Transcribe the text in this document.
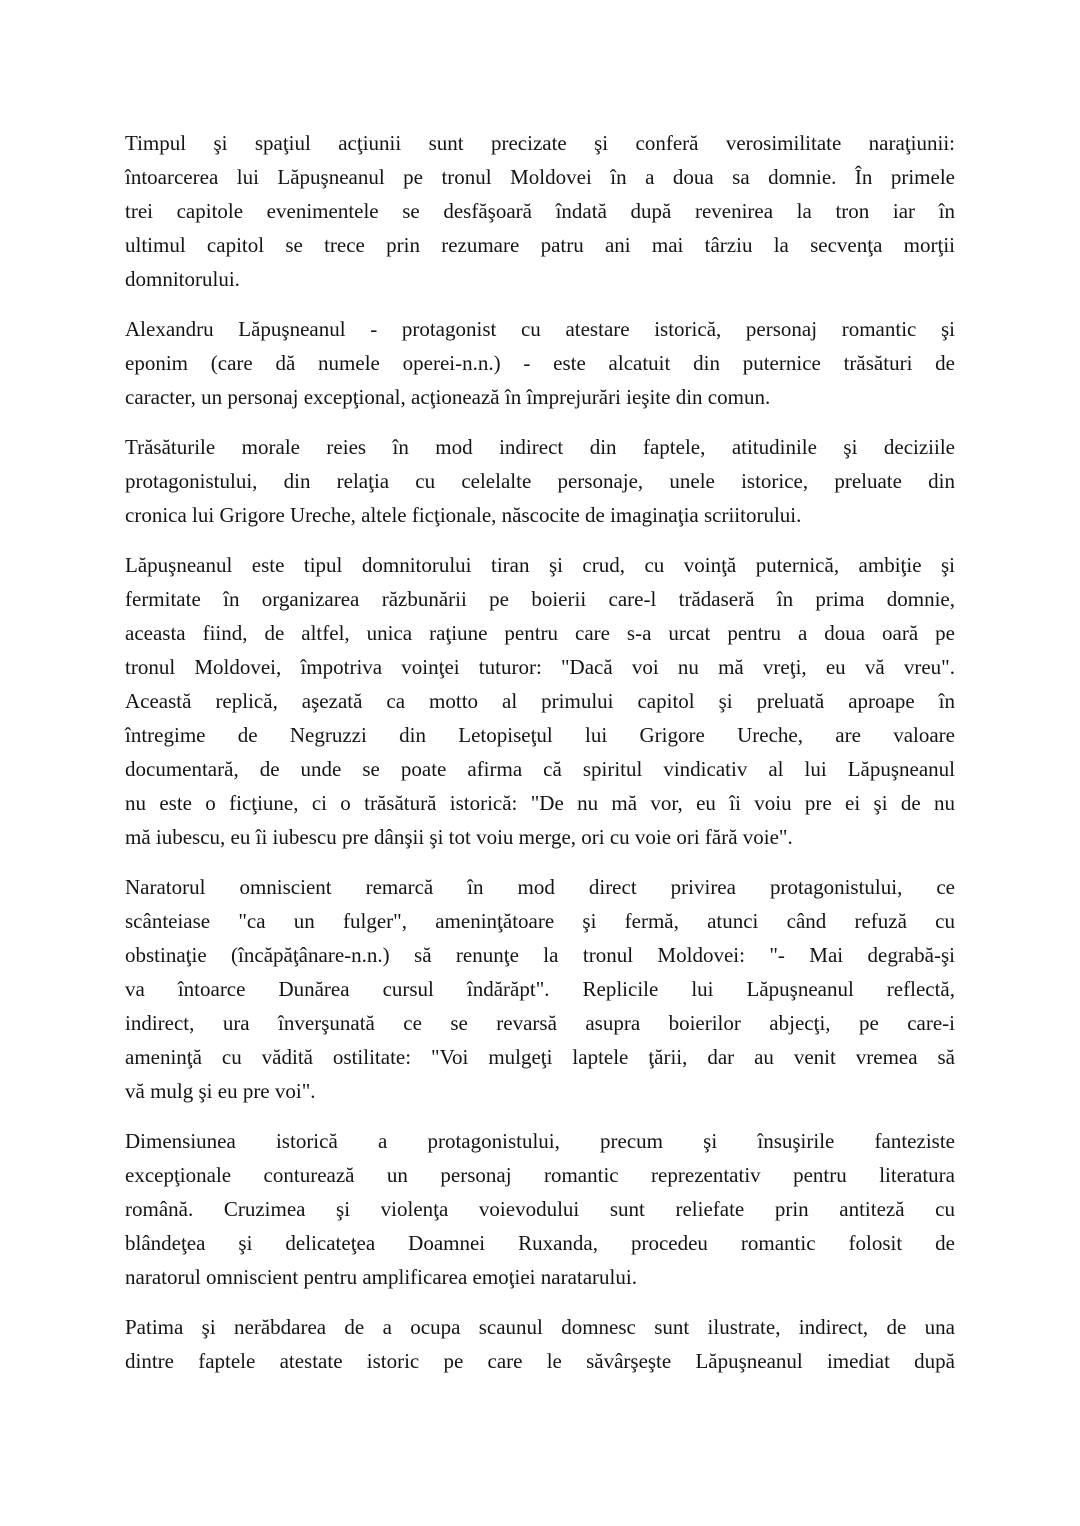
Timpul şi spaţiul acţiunii sunt precizate şi conferă verosimilitate naraţiunii:
întoarcerea lui Lăpuşneanul pe tronul Moldovei în a doua sa domnie. În primele
trei capitole evenimentele se desfăşoară îndată după revenirea la tron iar în
ultimul capitol se trece prin rezumare patru ani mai târziu la secvenţa morţii
domnitorului.

Alexandru Lăpuşneanul - protagonist cu atestare istorică, personaj romantic şi
eponim (care dă numele operei-n.n.) - este alcatuit din puternice trăsături de
caracter, un personaj excepţional, acţionează în împrejurări ieşite din comun.

Trăsăturile morale reies în mod indirect din faptele, atitudinile şi deciziile
protagonistului, din relaţia cu celelalte personaje, unele istorice, preluate din
cronica lui Grigore Ureche, altele ficţionale, născocite de imaginaţia scriitorului.

Lăpuşneanul este tipul domnitorului tiran şi crud, cu voinţă puternică, ambiţie şi
fermitate în organizarea răzbunării pe boierii care-l trădaseră în prima domnie,
aceasta fiind, de altfel, unica raţiune pentru care s-a urcat pentru a doua oară pe
tronul Moldovei, împotriva voinţei tuturor: "Dacă voi nu mă vreţi, eu vă vreu".
Această replică, aşezată ca motto al primului capitol şi preluată aproape în
întregime de Negruzzi din Letopiseţul lui Grigore Ureche, are valoare
documentară, de unde se poate afirma că spiritul vindicativ al lui Lăpuşneanul
nu este o ficţiune, ci o trăsătură istorică: "De nu mă vor, eu îi voiu pre ei şi de nu
mă iubescu, eu îi iubescu pre dânşii şi tot voiu merge, ori cu voie ori fără voie".

Naratorul omniscient remarcă în mod direct privirea protagonistului, ce
scânteiase "ca un fulger", ameninţătoare şi fermă, atunci când refuză cu
obstinaţie (încăpăţânare-n.n.) să renunţe la tronul Moldovei: "- Mai degrabă-şi
va întoarce Dunărea cursul îndărăpt". Replicile lui Lăpuşneanul reflectă,
indirect, ura înverşunată ce se revarsă asupra boierilor abjecţi, pe care-i
ameninţă cu vădită ostilitate: "Voi mulgeţi laptele ţării, dar au venit vremea să
vă mulg şi eu pre voi".

Dimensiunea istorică a protagonistului, precum şi însuşirile fanteziste
excepţionale conturează un personaj romantic reprezentativ pentru literatura
română. Cruzimea şi violenţa voievodului sunt reliefate prin antiteză cu
blândeţea şi delicateţea Doamnei Ruxanda, procedeu romantic folosit de
naratorul omniscient pentru amplificarea emoţiei naratarului.

Patima şi nerăbdarea de a ocupa scaunul domnesc sunt ilustrate, indirect, de una
dintre faptele atestate istoric pe care le săvârşeşte Lăpuşneanul imediat după
